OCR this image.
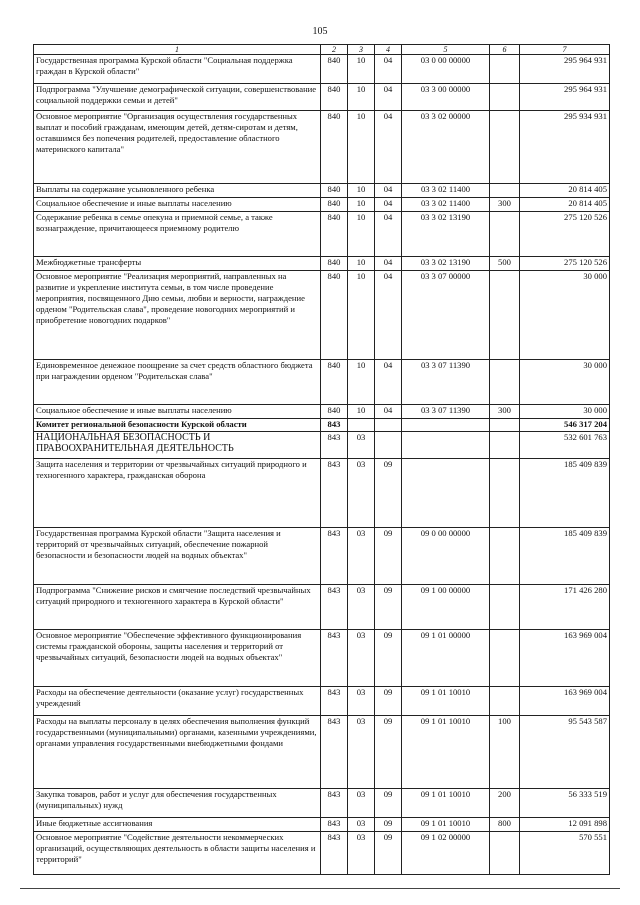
105
1	2	3	4	5	6	7
Государственная программа Курской области "Социальная поддержка граждан в Курской области"	840	10	04	03 0 00 00000		295 964 931
Подпрограмма "Улучшение демографической ситуации, совершенствование социальной поддержки семьи и детей"	840	10	04	03 3 00 00000		295 964 931
Основное мероприятие "Организация осуществления государственных выплат и пособий гражданам, имеющим детей, детям-сиротам и детям, оставшимся без попечения родителей, предоставление областного материнского капитала"	840	10	04	03 3 02 00000		295 934 931
Выплаты на содержание усыновленного ребенка	840	10	04	03 3 02 11400		20 814 405
Социальное обеспечение и иные выплаты населению	840	10	04	03 3 02 11400	300	20 814 405
Содержание ребенка в семье опекуна и приемной семье, а также вознаграждение, причитающееся приемному родителю	840	10	04	03 3 02 13190		275 120 526
Межбюджетные трансферты	840	10	04	03 3 02 13190	500	275 120 526
Основное мероприятие "Реализация мероприятий, направленных на развитие и укрепление института семьи, в том числе проведение мероприятия, посвященного Дню семьи, любви и верности, награждение орденом "Родительская слава", проведение новогодних мероприятий и приобретение новогодних подарков"	840	10	04	03 3 07 00000		30 000
Единовременное денежное поощрение за счет средств областного бюджета при награждении орденом "Родительская слава"	840	10	04	03 3 07 11390		30 000
Социальное обеспечение и иные выплаты населению	840	10	04	03 3 07 11390	300	30 000
Комитет региональной безопасности Курской области	843					546 317 204
НАЦИОНАЛЬНАЯ БЕЗОПАСНОСТЬ И ПРАВООХРАНИТЕЛЬНАЯ ДЕЯТЕЛЬНОСТЬ	843	03				532 601 763
Защита населения и территории от чрезвычайных ситуаций природного и техногенного характера, гражданская оборона	843	03	09			185 409 839
Государственная программа Курской области "Защита населения и территорий от чрезвычайных ситуаций, обеспечение пожарной безопасности и безопасности людей на водных объектах"	843	03	09	09 0 00 00000		185 409 839
Подпрограмма "Снижение рисков и смягчение последствий чрезвычайных ситуаций природного и техногенного характера в Курской области"	843	03	09	09 1 00 00000		171 426 280
Основное мероприятие "Обеспечение эффективного функционирования системы гражданской обороны, защиты населения и территорий от чрезвычайных ситуаций, безопасности людей на водных объектах"	843	03	09	09 1 01 00000		163 969 004
Расходы на обеспечение деятельности (оказание услуг) государственных учреждений	843	03	09	09 1 01 10010		163 969 004
Расходы на выплаты персоналу в целях обеспечения выполнения функций государственными (муниципальными) органами, казенными учреждениями, органами управления государственными внебюджетными фондами	843	03	09	09 1 01 10010	100	95 543 587
Закупка товаров, работ и услуг для обеспечения государственных (муниципальных) нужд	843	03	09	09 1 01 10010	200	56 333 519
Иные бюджетные ассигнования	843	03	09	09 1 01 10010	800	12 091 898
Основное мероприятие "Содействие деятельности некоммерческих организаций, осуществляющих деятельность в области защиты населения и территорий"	843	03	09	09 1 02 00000		570 551
